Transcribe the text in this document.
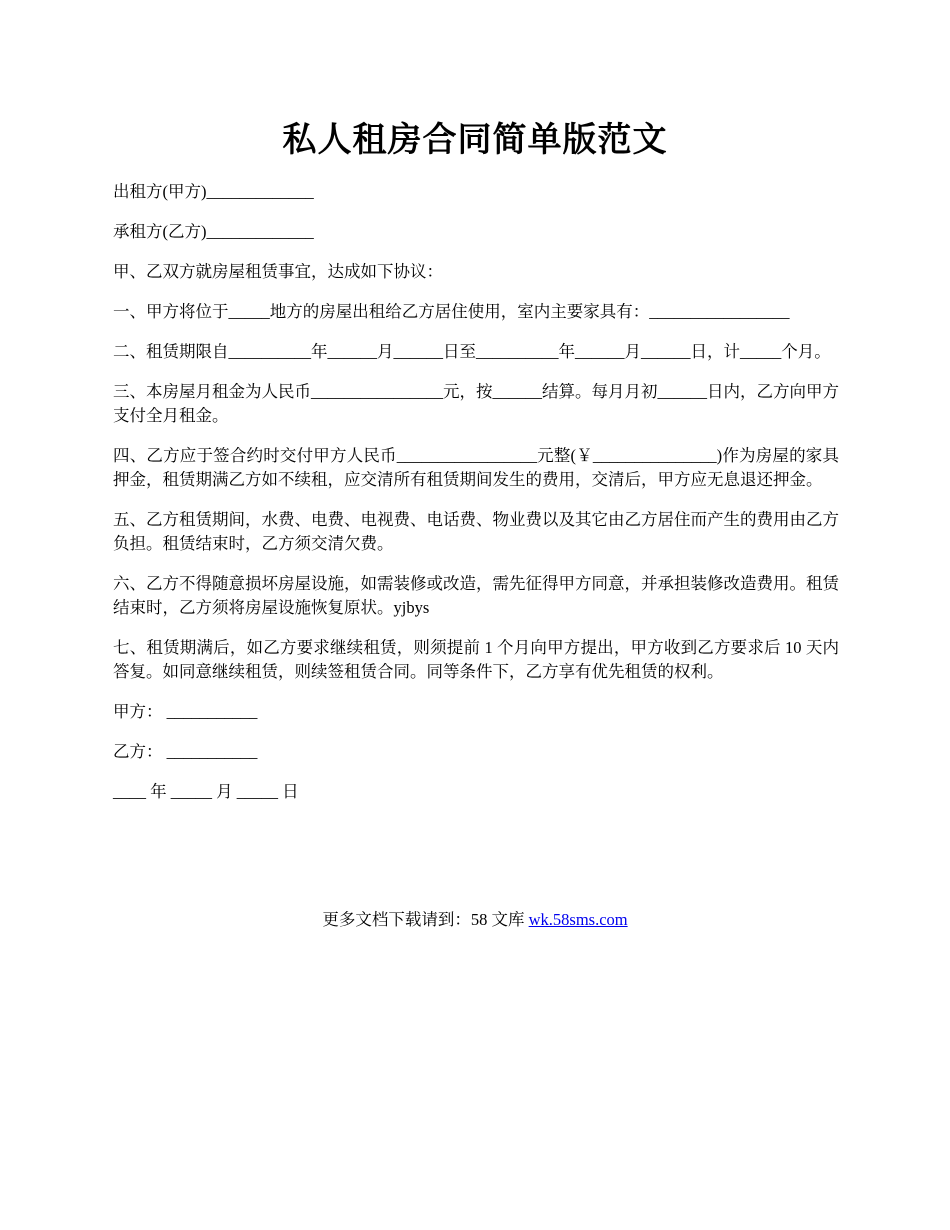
私人租房合同简单版范文

出租方(甲方)_____________

承租方(乙方)_____________

甲、乙双方就房屋租赁事宜，达成如下协议：

一、甲方将位于_____地方的房屋出租给乙方居住使用，室内主要家具有：_________________

二、租赁期限自__________年______月______日至__________年______月______日，计_____个月。

三、本房屋月租金为人民币________________元，按______结算。每月月初______日内，乙方向甲方支付全月租金。

四、乙方应于签合约时交付甲方人民币_________________元整(￥_______________)作为房屋的家具押金，租赁期满乙方如不续租，应交清所有租赁期间发生的费用，交清后，甲方应无息退还押金。

五、乙方租赁期间，水费、电费、电视费、电话费、物业费以及其它由乙方居住而产生的费用由乙方负担。租赁结束时，乙方须交清欠费。

六、乙方不得随意损坏房屋设施，如需装修或改造，需先征得甲方同意，并承担装修改造费用。租赁结束时，乙方须将房屋设施恢复原状。yjbys

七、租赁期满后，如乙方要求继续租赁，则须提前 1 个月向甲方提出，甲方收到乙方要求后 10 天内答复。如同意继续租赁，则续签租赁合同。同等条件下，乙方享有优先租赁的权利。

甲方： ___________

乙方： ___________

____ 年 _____ 月 _____ 日

更多文档下载请到：58 文库 wk.58sms.com
